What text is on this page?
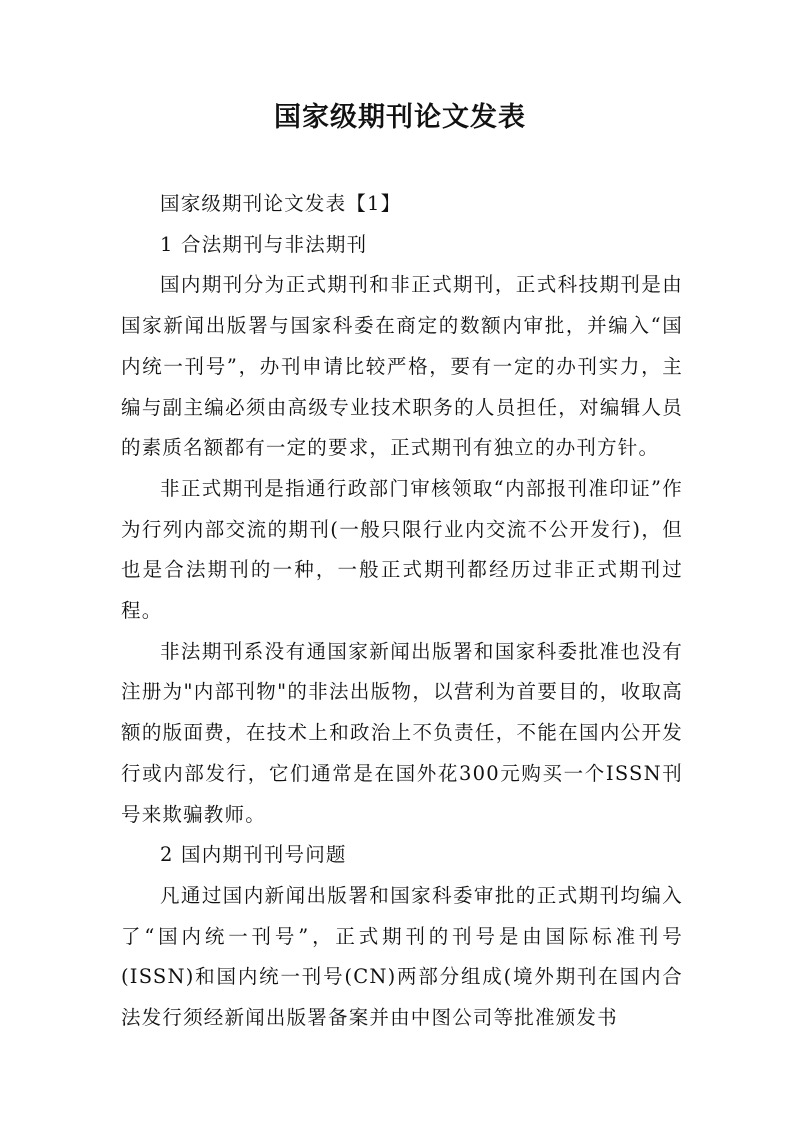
国家级期刊论文发表

国家级期刊论文发表【1】

1 合法期刊与非法期刊

国内期刊分为正式期刊和非正式期刊，正式科技期刊是由国家新闻出版署与国家科委在商定的数额内审批，并编入“国内统一刊号”，办刊申请比较严格，要有一定的办刊实力，主编与副主编必须由高级专业技术职务的人员担任，对编辑人员的素质名额都有一定的要求，正式期刊有独立的办刊方针。

非正式期刊是指通行政部门审核领取“内部报刊准印证”作为行列内部交流的期刊(一般只限行业内交流不公开发行)，但也是合法期刊的一种，一般正式期刊都经历过非正式期刊过程。

非法期刊系没有通国家新闻出版署和国家科委批准也没有注册为"内部刊物"的非法出版物，以营利为首要目的，收取高额的版面费，在技术上和政治上不负责任，不能在国内公开发行或内部发行，它们通常是在国外花300元购买一个ISSN刊号来欺骗教师。

2 国内期刊刊号问题

凡通过国内新闻出版署和国家科委审批的正式期刊均编入了“国内统一刊号”，正式期刊的刊号是由国际标准刊号(ISSN)和国内统一刊号(CN)两部分组成(境外期刊在国内合法发行须经新闻出版署备案并由中图公司等批准颁发书
